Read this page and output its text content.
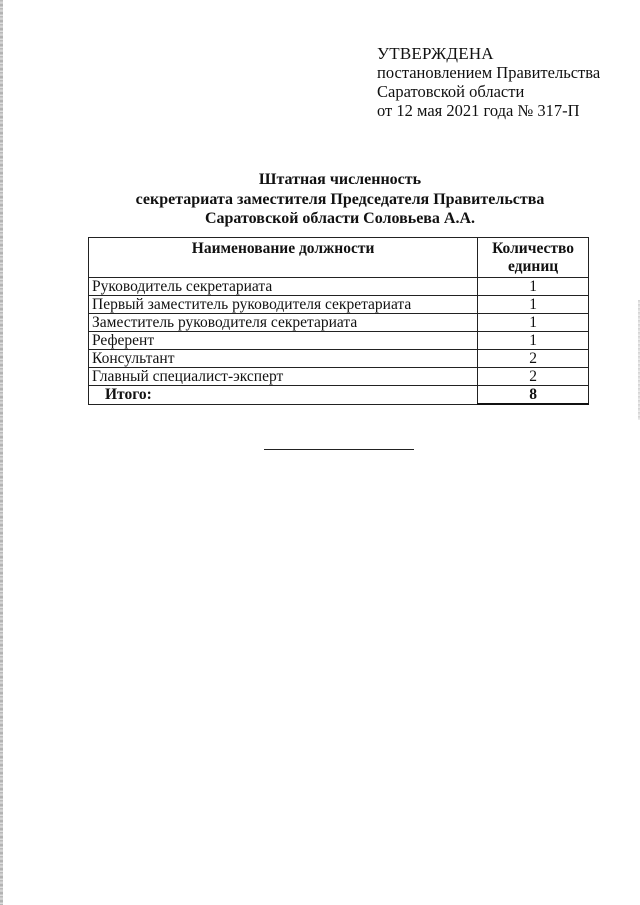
УТВЕРЖДЕНА
постановлением Правительства
Саратовской области
от 12 мая 2021 года № 317-П
Штатная численность
секретариата заместителя Председателя Правительства
Саратовской области Соловьева А.А.
Наименование должности	Количество
единиц

Руководитель секретариата	1
Первый заместитель руководителя секретариата	1
Заместитель руководителя секретариата	1
Референт	1
Консультант	2
Главный специалист-эксперт	2
Итого:	8
